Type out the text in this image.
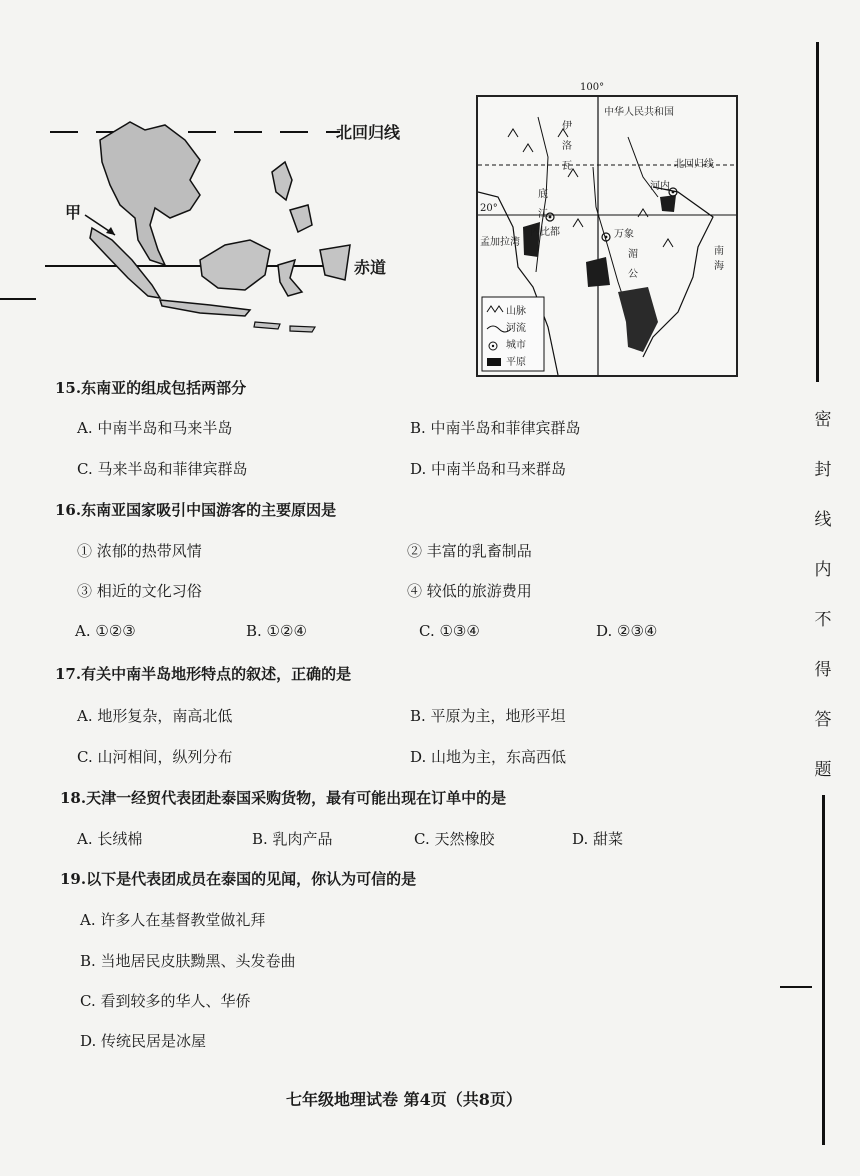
北回归线
赤道
甲
中华人民共和国
北回归线
20°
孟加拉湾
南海
伊
洛
瓦
底
江
内比都	万象
河内
湄
公
山脉
河流
城市
平原
100°
15.东南亚的组成包括两部分
A. 中南半岛和马来半岛	B. 中南半岛和菲律宾群岛
C. 马来半岛和菲律宾群岛	D. 中南半岛和马来群岛
16.东南亚国家吸引中国游客的主要原因是
① 浓郁的热带风情	② 丰富的乳畜制品
③ 相近的文化习俗	④ 较低的旅游费用
A. ①②③	B. ①②④	C. ①③④	D. ②③④
17.有关中南半岛地形特点的叙述，正确的是
A. 地形复杂，南高北低	B. 平原为主，地形平坦
C. 山河相间，纵列分布	D. 山地为主，东高西低
18.天津一经贸代表团赴泰国采购货物，最有可能出现在订单中的是
A. 长绒棉	B. 乳肉产品	C. 天然橡胶	D. 甜菜
19.以下是代表团成员在泰国的见闻，你认为可信的是
A. 许多人在基督教堂做礼拜
B. 当地居民皮肤黝黑、头发卷曲
C. 看到较多的华人、华侨
D. 传统民居是冰屋
七年级地理试卷 第4页（共8页）
密
封
线
内
不
得
答
题
